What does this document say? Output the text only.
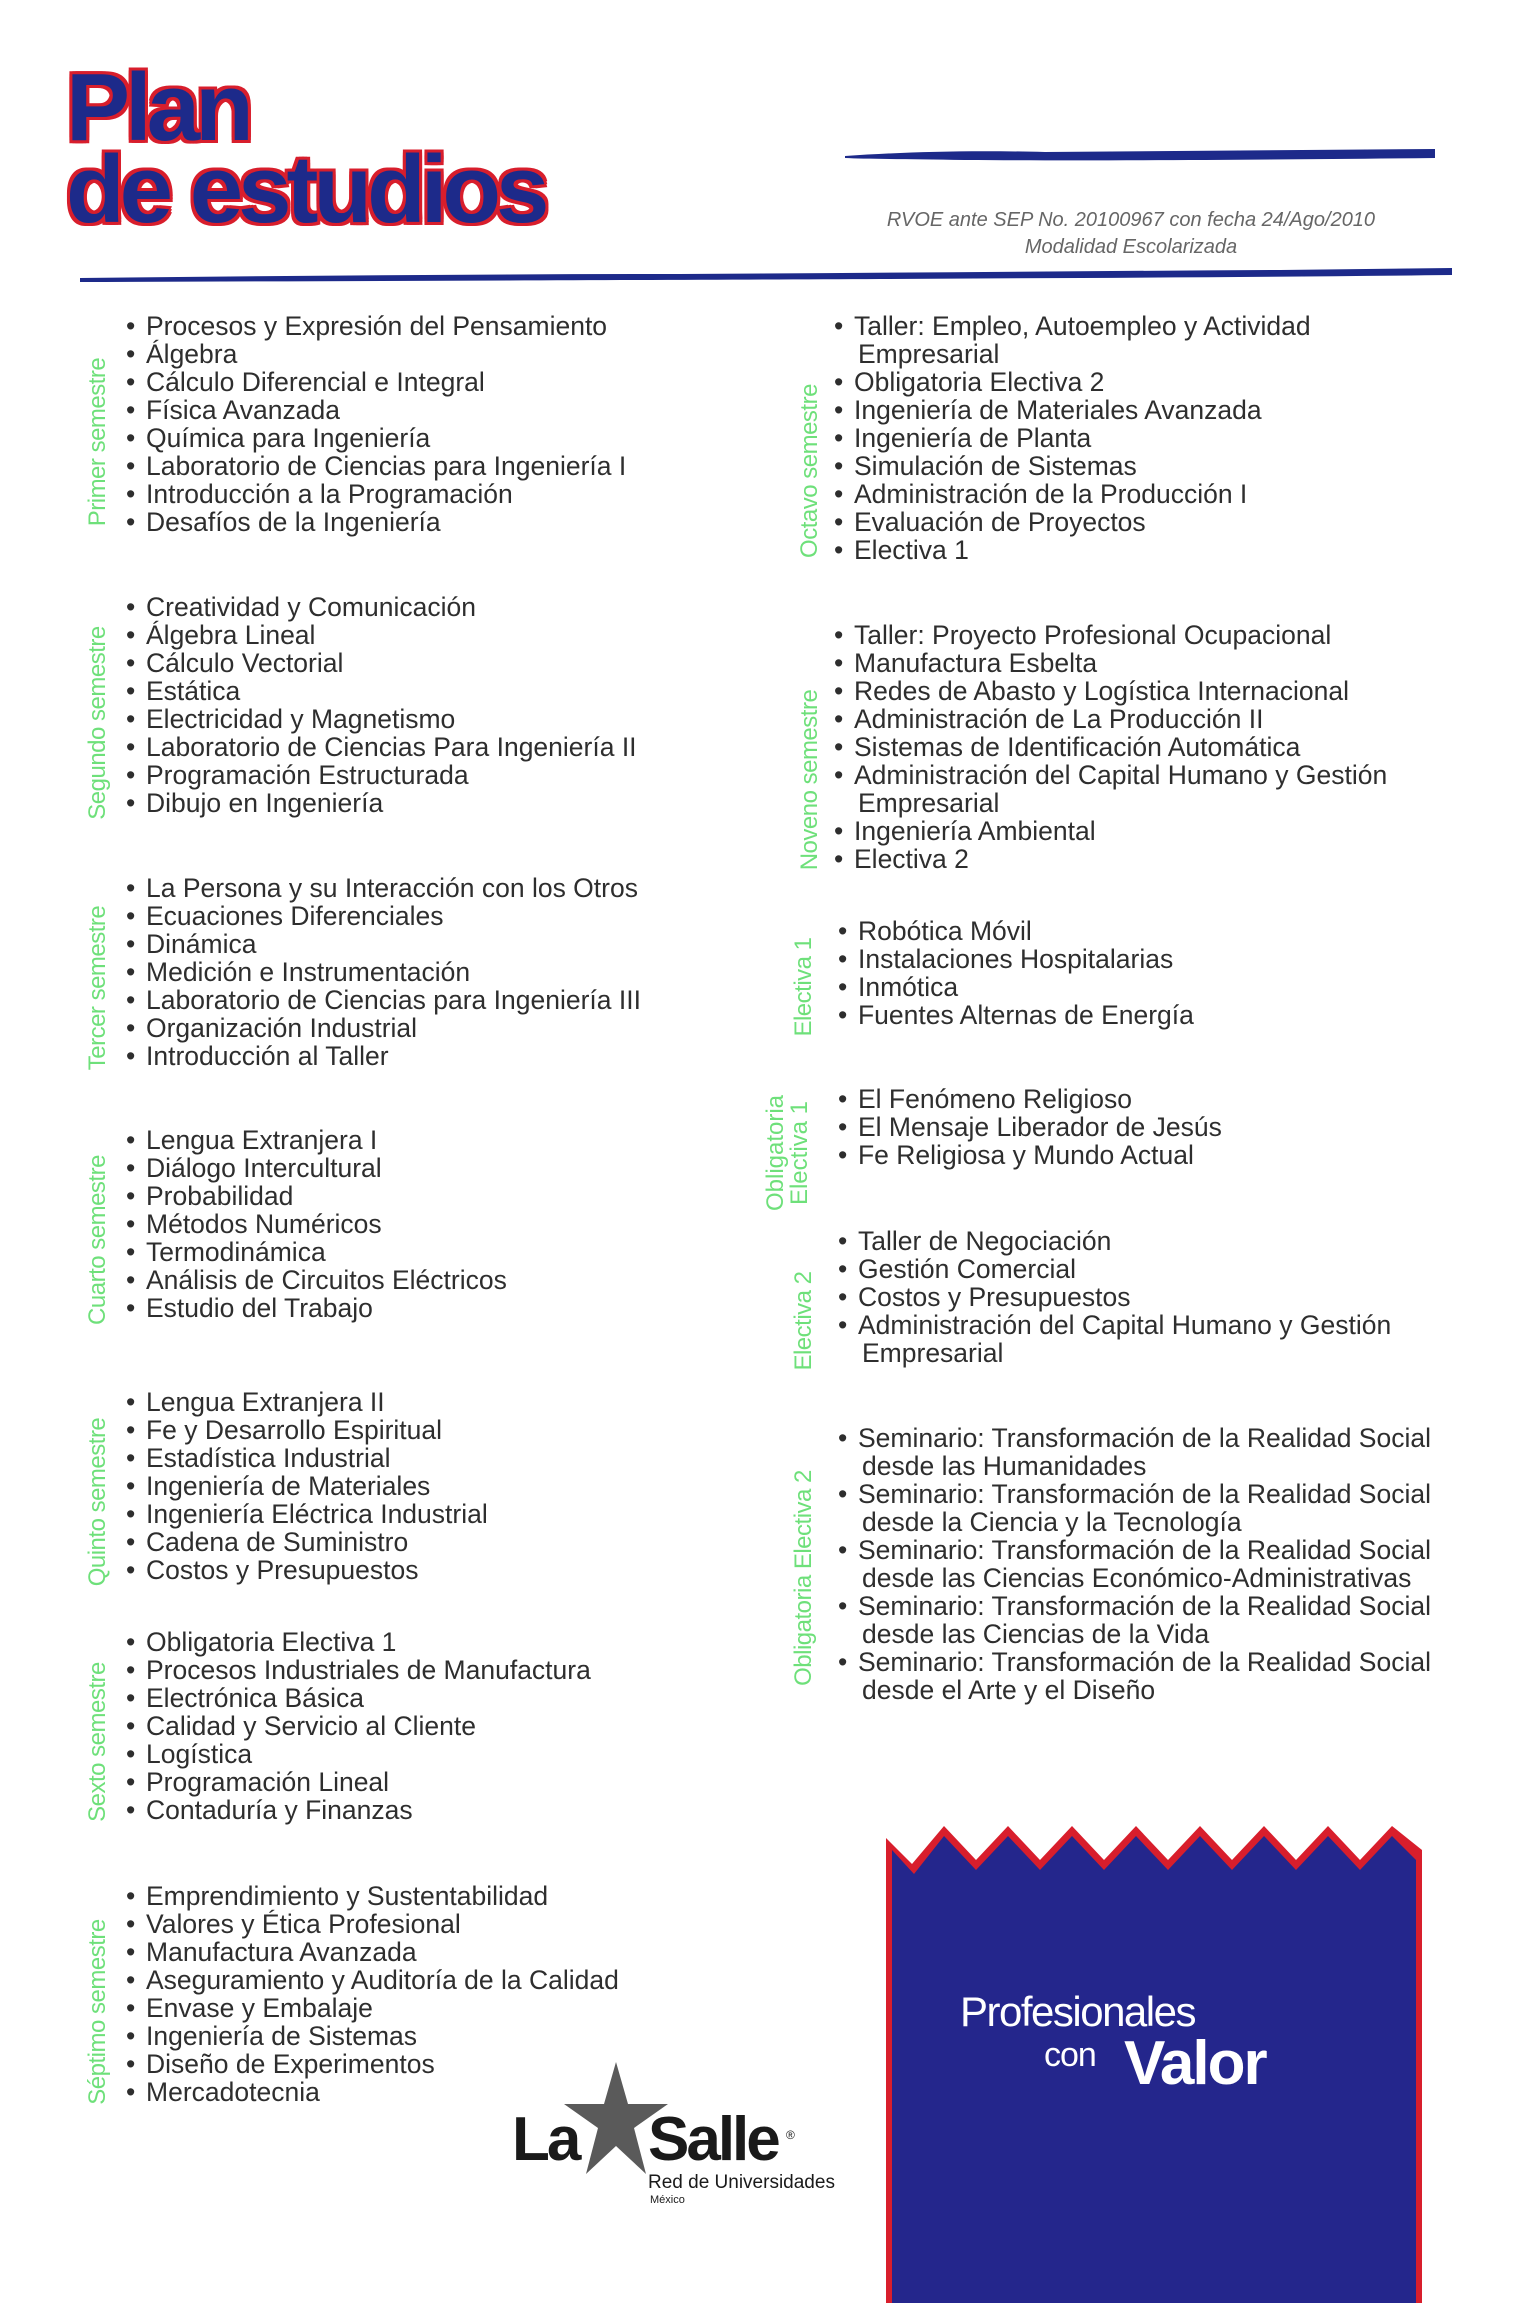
Plan
de estudios	RVOE ante SEP No. 20100967 con fecha 24/Ago/2010
Modalidad Escolarizada
Primer semestre
• Procesos y Expresión del Pensamiento
• Álgebra
• Cálculo Diferencial e Integral
• Física Avanzada
• Química para Ingeniería
• Laboratorio de Ciencias para Ingeniería I
• Introducción a la Programación
• Desafíos de la Ingeniería
Segundo semestre
• Creatividad y Comunicación
• Álgebra Lineal
• Cálculo Vectorial
• Estática
• Electricidad y Magnetismo
• Laboratorio de Ciencias Para Ingeniería II
• Programación Estructurada
• Dibujo en Ingeniería
Tercer semestre
• La Persona y su Interacción con los Otros
• Ecuaciones Diferenciales
• Dinámica
• Medición e Instrumentación
• Laboratorio de Ciencias para Ingeniería III
• Organización Industrial
• Introducción al Taller
Cuarto semestre
• Lengua Extranjera I
• Diálogo Intercultural
• Probabilidad
• Métodos Numéricos
• Termodinámica
• Análisis de Circuitos Eléctricos
• Estudio del Trabajo
Quinto semestre
• Lengua Extranjera II
• Fe y Desarrollo Espiritual
• Estadística Industrial
• Ingeniería de Materiales
• Ingeniería Eléctrica Industrial
• Cadena de Suministro
• Costos y Presupuestos
Sexto semestre
• Obligatoria Electiva 1
• Procesos Industriales de Manufactura
• Electrónica Básica
• Calidad y Servicio al Cliente
• Logística
• Programación Lineal
• Contaduría y Finanzas
Séptimo semestre
• Emprendimiento y Sustentabilidad
• Valores y Ética Profesional
• Manufactura Avanzada
• Aseguramiento y Auditoría de la Calidad
• Envase y Embalaje
• Ingeniería de Sistemas
• Diseño de Experimentos
• Mercadotecnia
Octavo semestre
• Taller: Empleo, Autoempleo y Actividad
Empresarial
• Obligatoria Electiva 2
• Ingeniería de Materiales Avanzada
• Ingeniería de Planta
• Simulación de Sistemas
• Administración de la Producción I
• Evaluación de Proyectos
• Electiva 1
Noveno semestre
• Taller: Proyecto Profesional Ocupacional
• Manufactura Esbelta
• Redes de Abasto y Logística Internacional
• Administración de La Producción II
• Sistemas de Identificación Automática
• Administración del Capital Humano y Gestión
Empresarial
• Ingeniería Ambiental
• Electiva 2
Electiva 1
• Robótica Móvil
• Instalaciones Hospitalarias
• Inmótica
• Fuentes Alternas de Energía
Obligatoria
Electiva 1
• El Fenómeno Religioso
• El Mensaje Liberador de Jesús
• Fe Religiosa y Mundo Actual
Electiva 2
• Taller de Negociación
• Gestión Comercial
• Costos y Presupuestos
• Administración del Capital Humano y Gestión
Empresarial
Obligatoria Electiva 2
• Seminario: Transformación de la Realidad Social
desde las Humanidades
• Seminario: Transformación de la Realidad Social
desde la Ciencia y la Tecnología
• Seminario: Transformación de la Realidad Social
desde las Ciencias Económico-Administrativas
• Seminario: Transformación de la Realidad Social
desde las Ciencias de la Vida
• Seminario: Transformación de la Realidad Social
desde el Arte y el Diseño
La Salle ®
Red de Universidades
México
Profesionales
con Valor
